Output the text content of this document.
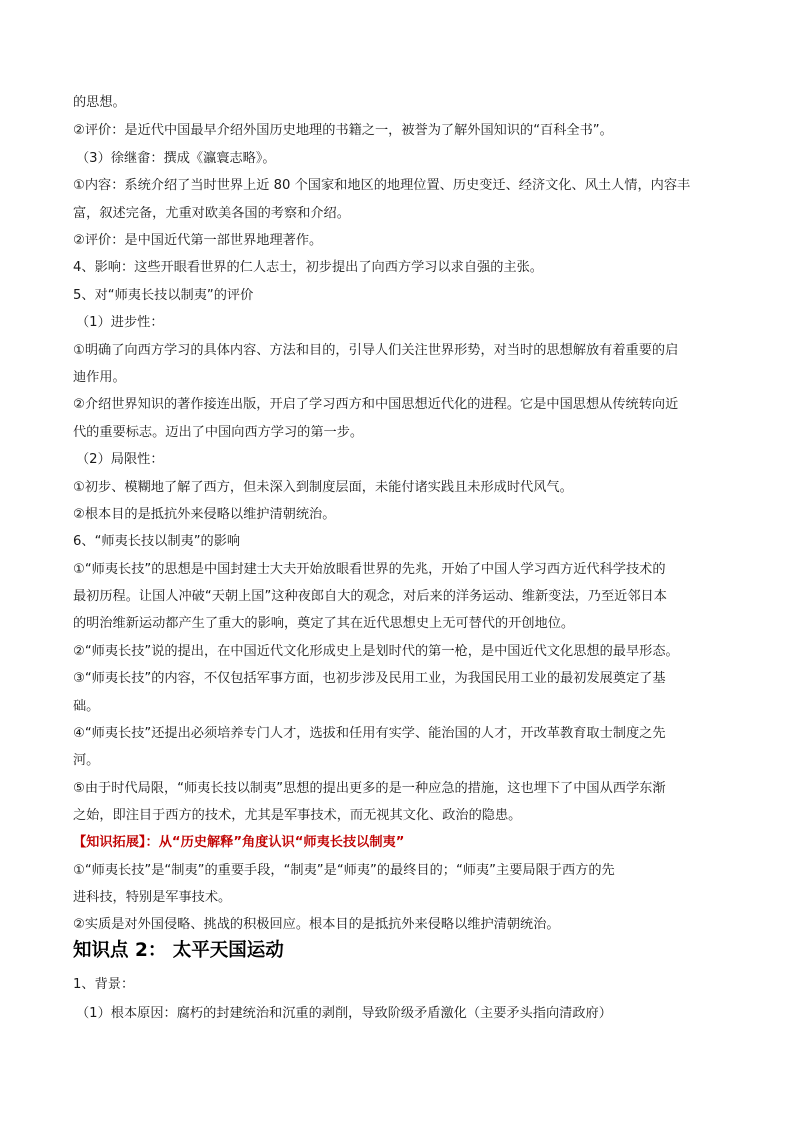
的思想。
②评价：是近代中国最早介绍外国历史地理的书籍之一，被誉为了解外国知识的“百科全书”。
（3）徐继畲：撰成《瀛寰志略》。
①内容：系统介绍了当时世界上近 80 个国家和地区的地理位置、历史变迁、经济文化、风土人情，内容丰
富，叙述完备，尤重对欧美各国的考察和介绍。
②评价：是中国近代第一部世界地理著作。
4、影响：这些开眼看世界的仁人志士，初步提出了向西方学习以求自强的主张。
5、对“师夷长技以制夷”的评价
（1）进步性：
①明确了向西方学习的具体内容、方法和目的，引导人们关注世界形势，对当时的思想解放有着重要的启
迪作用。
②介绍世界知识的著作接连出版，开启了学习西方和中国思想近代化的进程。它是中国思想从传统转向近
代的重要标志。迈出了中国向西方学习的第一步。
（2）局限性：
①初步、模糊地了解了西方，但未深入到制度层面，未能付诸实践且未形成时代风气。
②根本目的是抵抗外来侵略以维护清朝统治。
6、“师夷长技以制夷”的影响
①“师夷长技”的思想是中国封建士大夫开始放眼看世界的先兆，开始了中国人学习西方近代科学技术的
最初历程。让国人冲破“天朝上国”这种夜郎自大的观念，对后来的洋务运动、维新变法，乃至近邻日本
的明治维新运动都产生了重大的影响，奠定了其在近代思想史上无可替代的开创地位。
②“师夷长技”说的提出，在中国近代文化形成史上是划时代的第一枪，是中国近代文化思想的最早形态。
③“师夷长技”的内容，不仅包括军事方面，也初步涉及民用工业，为我国民用工业的最初发展奠定了基
础。
④“师夷长技”还提出必须培养专门人才，选拔和任用有实学、能治国的人才，开改革教育取士制度之先
河。
⑤由于时代局限，“师夷长技以制夷”思想的提出更多的是一种应急的措施，这也埋下了中国从西学东渐
之始，即注目于西方的技术，尤其是军事技术，而无视其文化、政治的隐患。
【知识拓展】：从“历史解释”角度认识“师夷长技以制夷”
①“师夷长技”是“制夷”的重要手段，“制夷”是“师夷”的最终目的；“师夷”主要局限于西方的先
进科技，特别是军事技术。
②实质是对外国侵略、挑战的积极回应。根本目的是抵抗外来侵略以维护清朝统治。
知识点 2： 太平天国运动
1、背景：
（1）根本原因：腐朽的封建统治和沉重的剥削，导致阶级矛盾激化（主要矛头指向清政府）
